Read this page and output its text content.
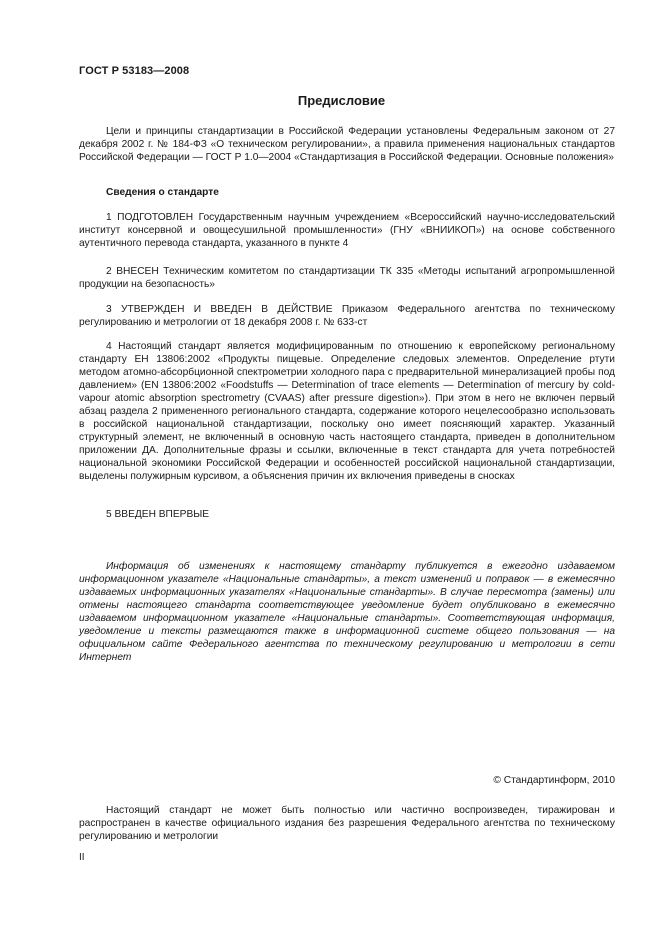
ГОСТ Р 53183—2008
Предисловие

Цели и принципы стандартизации в Российской Федерации установлены Федеральным законом от 27 декабря 2002 г. № 184-ФЗ «О техническом регулировании», а правила применения национальных стандартов Российской Федерации — ГОСТ Р 1.0—2004 «Стандартизация в Российской Федерации. Основные положения»

Сведения о стандарте

1 ПОДГОТОВЛЕН Государственным научным учреждением «Всероссийский научно-исследовательский институт консервной и овощесушильной промышленности» (ГНУ «ВНИИКОП») на основе собственного аутентичного перевода стандарта, указанного в пункте 4

2 ВНЕСЕН Техническим комитетом по стандартизации ТК 335 «Методы испытаний агропромышленной продукции на безопасность»

3 УТВЕРЖДЕН И ВВЕДЕН В ДЕЙСТВИЕ Приказом Федерального агентства по техническому регулированию и метрологии от 18 декабря 2008 г. № 633-ст

4 Настоящий стандарт является модифицированным по отношению к европейскому региональному стандарту ЕН 13806:2002 «Продукты пищевые. Определение следовых элементов. Определение ртути методом атомно-абсорбционной спектрометрии холодного пара с предварительной минерализацией пробы под давлением» (EN 13806:2002 «Foodstuffs — Determination of trace elements — Determination of mercury by cold-vapour atomic absorption spectrometry (CVAAS) after pressure digestion»). При этом в него не включен первый абзац раздела 2 примененного регионального стандарта, содержание которого нецелесообразно использовать в российской национальной стандартизации, поскольку оно имеет поясняющий характер. Указанный структурный элемент, не включенный в основную часть настоящего стандарта, приведен в дополнительном приложении ДА. Дополнительные фразы и ссылки, включенные в текст стандарта для учета потребностей национальной экономики Российской Федерации и особенностей российской национальной стандартизации, выделены полужирным курсивом, а объяснения причин их включения приведены в сносках

5 ВВЕДЕН ВПЕРВЫЕ

Информация об изменениях к настоящему стандарту публикуется в ежегодно издаваемом информационном указателе «Национальные стандарты», а текст изменений и поправок — в ежемесячно издаваемых информационных указателях «Национальные стандарты». В случае пересмотра (замены) или отмены настоящего стандарта соответствующее уведомление будет опубликовано в ежемесячно издаваемом информационном указателе «Национальные стандарты». Соответствующая информация, уведомление и тексты размещаются также в информационной системе общего пользования — на официальном сайте Федерального агентства по техническому регулированию и метрологии в сети Интернет

© Стандартинформ, 2010

Настоящий стандарт не может быть полностью или частично воспроизведен, тиражирован и распространен в качестве официального издания без разрешения Федерального агентства по техническому регулированию и метрологии

II
